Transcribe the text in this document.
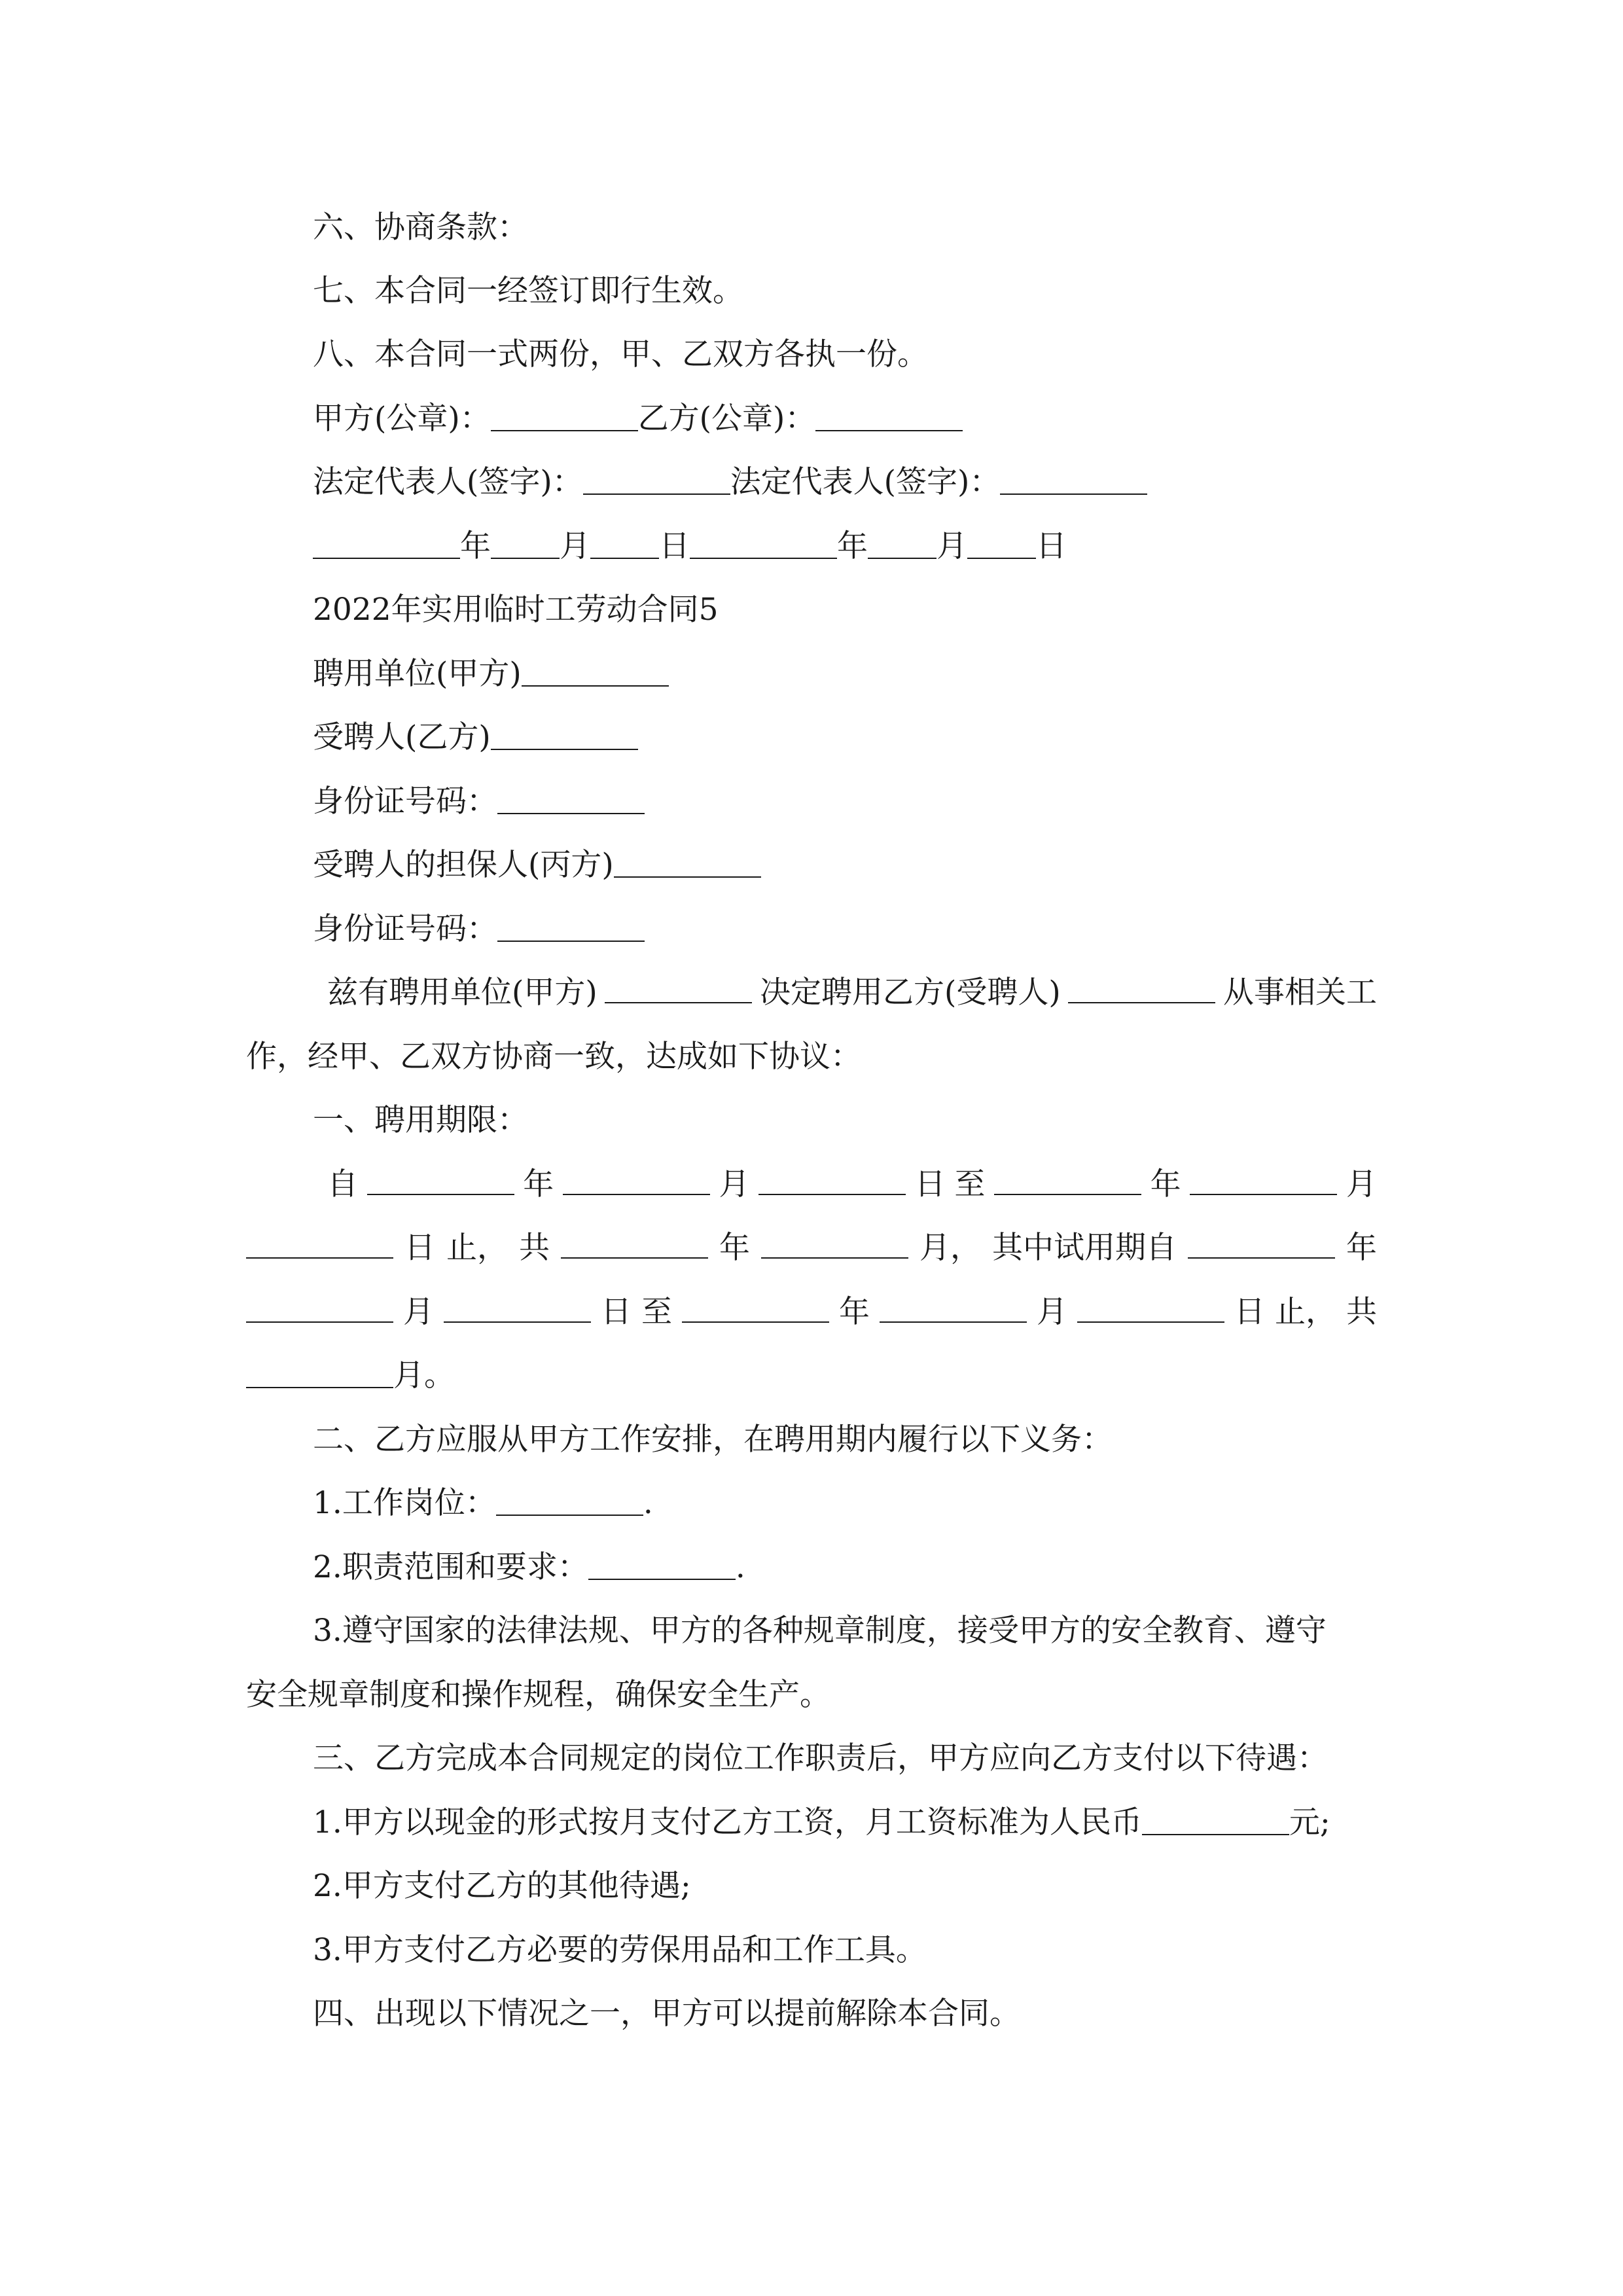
六、协商条款：
七、本合同一经签订即行生效。
八、本合同一式两份，甲、乙双方各执一份。
甲方(公章)：	乙方(公章)：
法定代表人(签字)：	法定代表人(签字)：
年 月 日	年 月 日
2022年实用临时工劳动合同5
聘用单位(甲方)
受聘人(乙方)
身份证号码：
受聘人的担保人(丙方)
身份证号码：
兹有聘用单位(甲方)	决定聘用乙方(受聘人)	从事相关工
作，经甲、乙双方协商一致，达成如下协议：
一、聘用期限：
自	年	月	日 至	年	月
日 止， 共	年	月， 其中试用期自	年
月	日 至	年	月	日 止， 共
月。
二、乙方应服从甲方工作安排，在聘用期内履行以下义务：
1.工作岗位：	.
2.职责范围和要求：	.
3.遵守国家的法律法规、甲方的各种规章制度，接受甲方的安全教育、遵守
安全规章制度和操作规程，确保安全生产。
三、乙方完成本合同规定的岗位工作职责后，甲方应向乙方支付以下待遇：
1.甲方以现金的形式按月支付乙方工资，月工资标准为人民币	元;
2.甲方支付乙方的其他待遇;
3.甲方支付乙方必要的劳保用品和工作工具。
四、出现以下情况之一，甲方可以提前解除本合同。
